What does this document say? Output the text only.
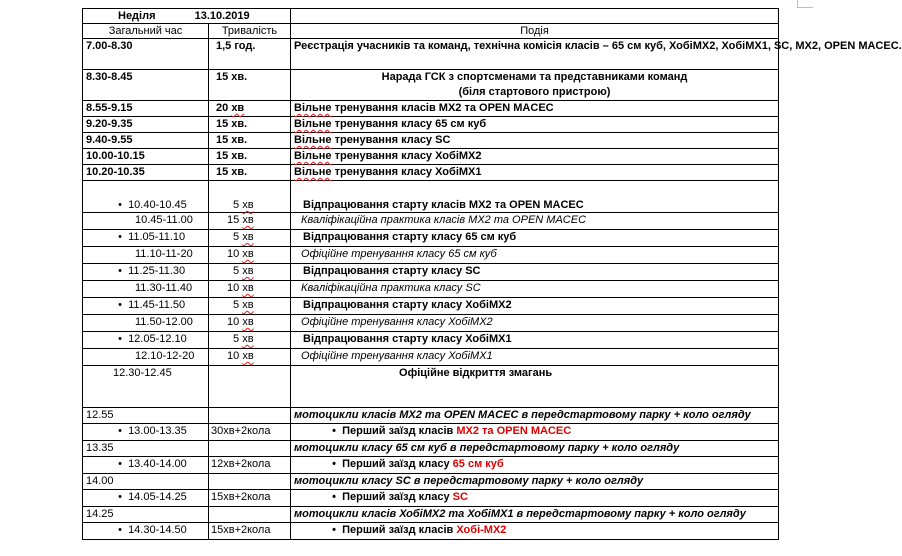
Неділя 13.10.2019		
Загальний час	Тривалість	Подія
7.00-8.30	1,5 год.	Реєстрація учасників та команд, технічна комісія класів – 65 см куб, ХобіМХ2, ХобіМХ1, SC, MX2, OPEN MACEC.
8.30-8.45	15 хв.	Нарада ГСК з спортсменами та представниками команд
(біля стартового пристрою)

8.55-9.15	20 хв	Вільне тренування класів MX2 та OPEN MACEC
9.20-9.35	15 хв.	Вільне тренування класу 65 см куб
9.40-9.55	15 хв.	Вільне тренування класу SC
10.00-10.15	15 хв.	Вільне тренування класу ХобіМХ2
10.20-10.35	15 хв.	Вільне тренування класу ХобіМХ1
• 10.40-10.45	5 хв	Відпрацювання старту класів MX2 та OPEN MACEC
10.45-11.00	15 хв	Кваліфікаційна практика класів MX2 та OPEN MACEC
• 11.05-11.10	5 хв	Відпрацювання старту класу 65 см куб
11.10-11-20	10 хв	Офіційне тренування класу 65 см куб
• 11.25-11.30	5 хв	Відпрацювання старту класу SC
11.30-11.40	10 хв	Кваліфікаційна практика класу SC
• 11.45-11.50	5 хв	Відпрацювання старту класу ХобіМХ2
11.50-12.00	10 хв	Офіційне тренування класу ХобіМХ2
• 12.05-12.10	5 хв	Відпрацювання старту класу ХобіМХ1
12.10-12-20	10 хв	Офіційне тренування класу ХобіМХ1
12.30-12.45		Офіційне відкриття змагань
12.55		мотоцикли класів MX2 та OPEN MACEC в передстартовому парку + коло огляду
• 13.00-13.35	30хв+2кола	• Перший заїзд класів MX2 та OPEN MACEC
13.35		мотоцикли класу 65 см куб в передстартовому парку + коло огляду
• 13.40-14.00	12хв+2кола	• Перший заїзд класу 65 см куб
14.00		мотоцикли класу SC в передстартовому парку + коло огляду
• 14.05-14.25	15хв+2кола	• Перший заїзд класу SC
14.25		мотоцикли класів ХобіМХ2 та ХобіМХ1 в передстартовому парку + коло огляду
• 14.30-14.50	15хв+2кола	• Перший заїзд класів Хобі-МХ2
